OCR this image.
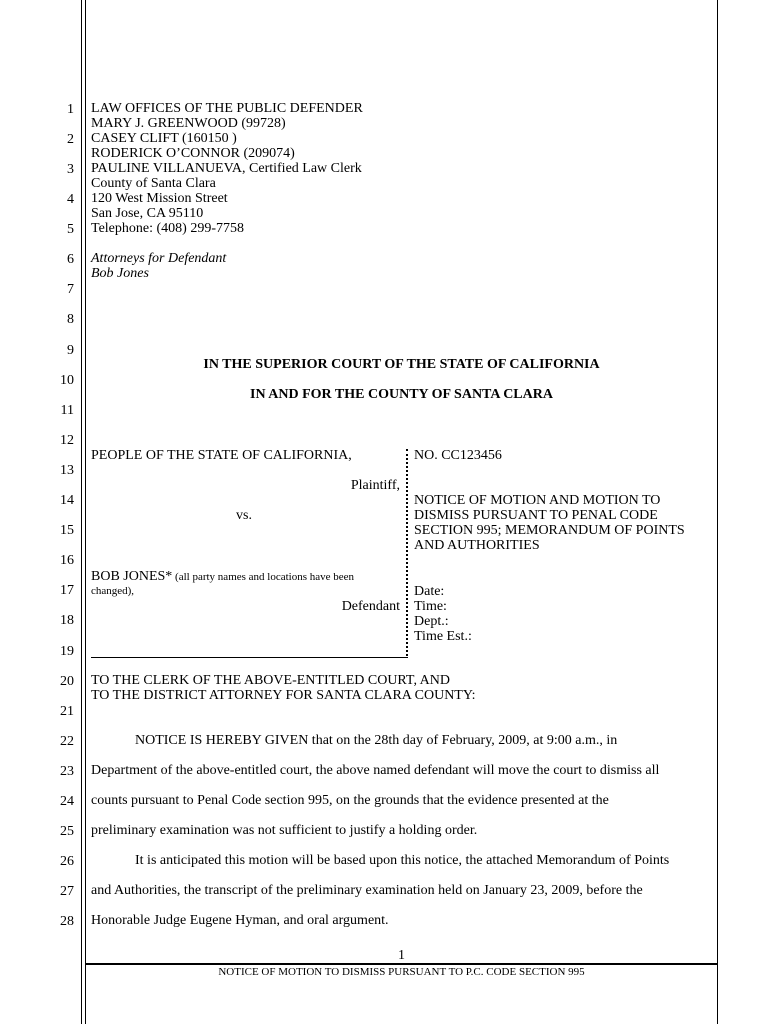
1
2
3
4
5
6
7
8
9
10
11
12
13
14
15
16
17
18
19
20
21
22
23
24
25
26
27
28
LAW OFFICES OF THE PUBLIC DEFENDER
MARY J. GREENWOOD (99728)
CASEY CLIFT (160150 )
RODERICK O’CONNOR (209074)
PAULINE VILLANUEVA, Certified Law Clerk
County of Santa Clara
120 West Mission Street
San Jose, CA 95110
Telephone: (408) 299-7758
Attorneys for Defendant
Bob Jones
IN THE SUPERIOR COURT OF THE STATE OF CALIFORNIA
IN AND FOR THE COUNTY OF SANTA CLARA
PEOPLE OF THE STATE OF CALIFORNIA,
Plaintiff,
vs.
BOB JONES* (all party names and locations have been
changed),
Defendant
NO. CC123456
NOTICE OF MOTION AND MOTION TO
DISMISS PURSUANT TO PENAL CODE
SECTION 995; MEMORANDUM OF POINTS
AND AUTHORITIES
Date:
Time:
Dept.:
Time Est.:
TO THE CLERK OF THE ABOVE-ENTITLED COURT, AND
TO THE DISTRICT ATTORNEY FOR SANTA CLARA COUNTY:
NOTICE IS HEREBY GIVEN that on the 28th day of February, 2009, at 9:00 a.m., in
Department of the above-entitled court, the above named defendant will move the court to dismiss all
counts pursuant to Penal Code section 995, on the grounds that the evidence presented at the
preliminary examination was not sufficient to justify a holding order.
It is anticipated this motion will be based upon this notice, the attached Memorandum of Points
and Authorities, the transcript of the preliminary examination held on January 23, 2009, before the
Honorable Judge Eugene Hyman, and oral argument.
1
NOTICE OF MOTION TO DISMISS PURSUANT TO P.C. CODE SECTION 995
